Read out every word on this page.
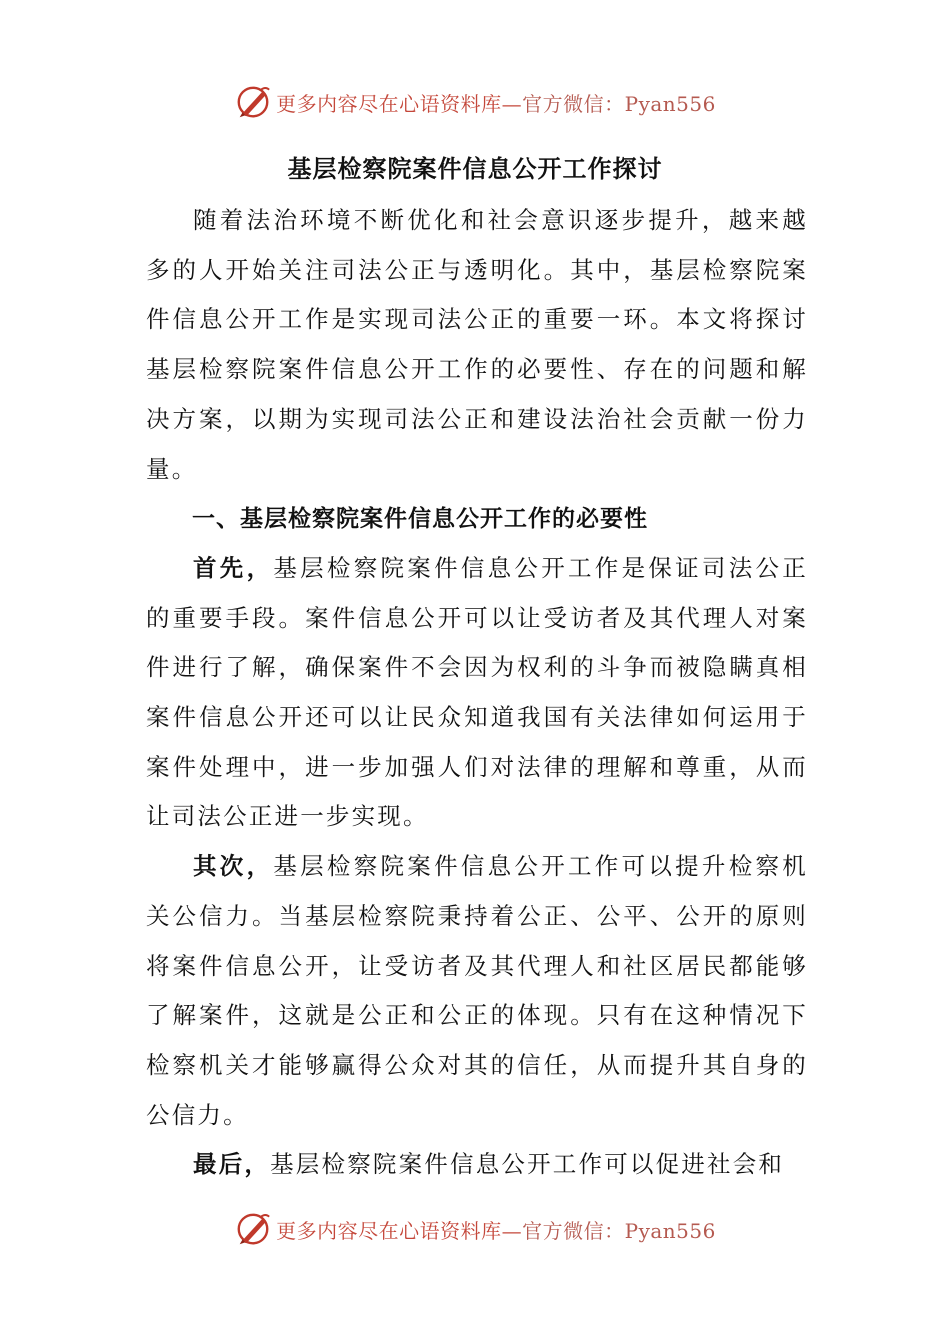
更多内容尽在心语资料库—官方微信：Pyan556
基层检察院案件信息公开工作探讨

随着法治环境不断优化和社会意识逐步提升，越来越多的人开始关注司法公正与透明化。其中，基层检察院案件信息公开工作是实现司法公正的重要一环。本文将探讨基层检察院案件信息公开工作的必要性、存在的问题和解决方案，以期为实现司法公正和建设法治社会贡献一份力量。

一、基层检察院案件信息公开工作的必要性

首先，基层检察院案件信息公开工作是保证司法公正的重要手段。案件信息公开可以让受访者及其代理人对案件进行了解，确保案件不会因为权利的斗争而被隐瞒真相案件信息公开还可以让民众知道我国有关法律如何运用于案件处理中，进一步加强人们对法律的理解和尊重，从而让司法公正进一步实现。

其次，基层检察院案件信息公开工作可以提升检察机关公信力。当基层检察院秉持着公正、公平、公开的原则将案件信息公开，让受访者及其代理人和社区居民都能够了解案件，这就是公正和公正的体现。只有在这种情况下检察机关才能够赢得公众对其的信任，从而提升其自身的公信力。

最后，基层检察院案件信息公开工作可以促进社会和

更多内容尽在心语资料库—官方微信：Pyan556
